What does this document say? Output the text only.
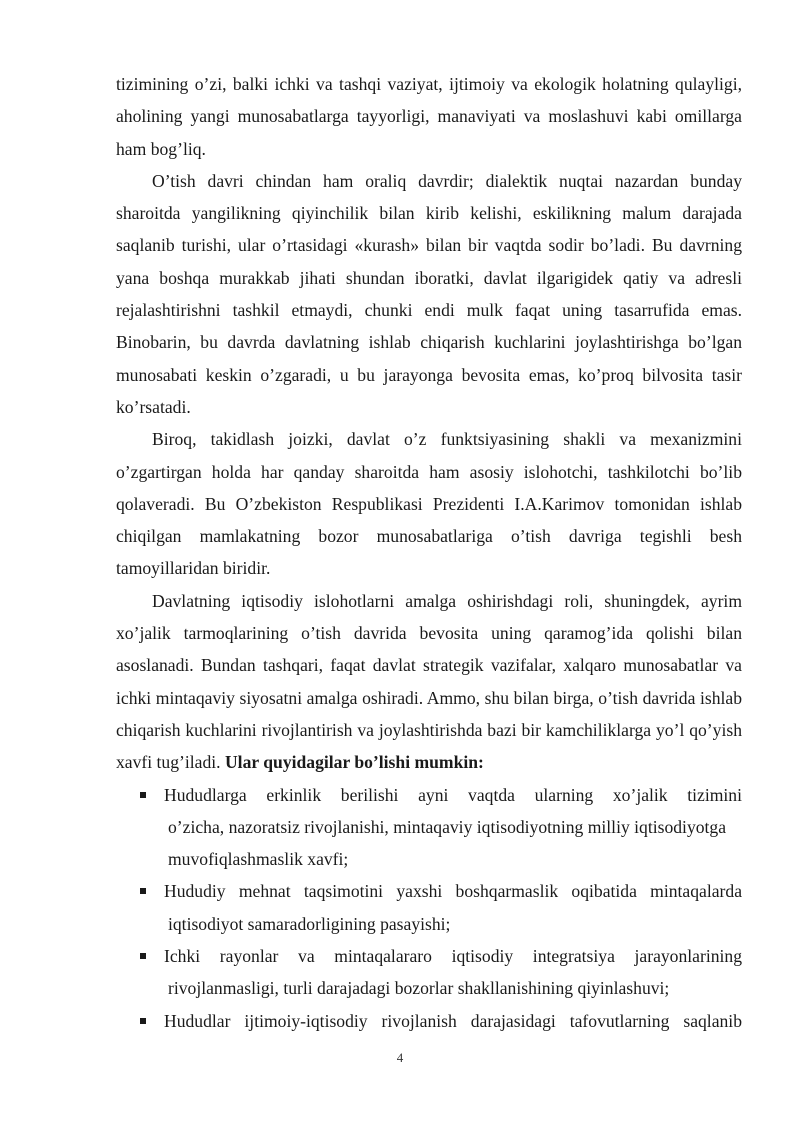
tizimining o’zi, balki ichki va tashqi vaziyat, ijtimoiy va ekologik holatning qulayligi, aholining yangi munosabatlarga tayyorligi, manaviyati va moslashuvi kabi omillarga ham bog’liq.

O’tish davri chindan ham oraliq davrdir; dialektik nuqtai nazardan bunday sharoitda yangilikning qiyinchilik bilan kirib kelishi, eskilikning malum darajada saqlanib turishi, ular o’rtasidagi «kurash» bilan bir vaqtda sodir bo’ladi. Bu davrning yana boshqa murakkab jihati shundan iboratki, davlat ilgarigidek qatiy va adresli rejalashtirishni tashkil etmaydi, chunki endi mulk faqat uning tasarrufida emas. Binobarin, bu davrda davlatning ishlab chiqarish kuchlarini joylashtirishga bo’lgan munosabati keskin o’zgaradi, u bu jarayonga bevosita emas, ko’proq bilvosita tasir ko’rsatadi.

Biroq, takidlash joizki, davlat o’z funktsiyasining shakli va mexanizmini o’zgartirgan holda har qanday sharoitda ham asosiy islohotchi, tashkilotchi bo’lib qolaveradi. Bu O’zbekiston Respublikasi Prezidenti I.A.Karimov tomonidan ishlab chiqilgan mamlakatning bozor munosabatlariga o’tish davriga tegishli besh tamoyillaridan biridir.

Davlatning iqtisodiy islohotlarni amalga oshirishdagi roli, shuningdek, ayrim xo’jalik tarmoqlarining o’tish davrida bevosita uning qaramog’ida qolishi bilan asoslanadi. Bundan tashqari, faqat davlat strategik vazifalar, xalqaro munosabatlar va ichki mintaqaviy siyosatni amalga oshiradi. Ammo, shu bilan birga, o’tish davrida ishlab chiqarish kuchlarini rivojlantirish va joylashtirishda bazi bir kamchiliklarga yo’l qo’yish xavfi tug’iladi. Ular quyidagilar bo’lishi mumkin:

Hududlarga erkinlik berilishi ayni vaqtda ularning xo’jalik tizimini
o’zicha, nazoratsiz rivojlanishi, mintaqaviy iqtisodiyotning milliy iqtisodiyotga muvofiqlashmaslik xavfi;
Hududiy mehnat taqsimotini yaxshi boshqarmaslik oqibatida mintaqalarda
iqtisodiyot samaradorligining pasayishi;
Ichki rayonlar va mintaqalararo iqtisodiy integratsiya jarayonlarining
rivojlanmasligi, turli darajadagi bozorlar shakllanishining qiyinlashuvi;
Hududlar ijtimoiy-iqtisodiy rivojlanish darajasidagi tafovutlarning saqlanib
4
